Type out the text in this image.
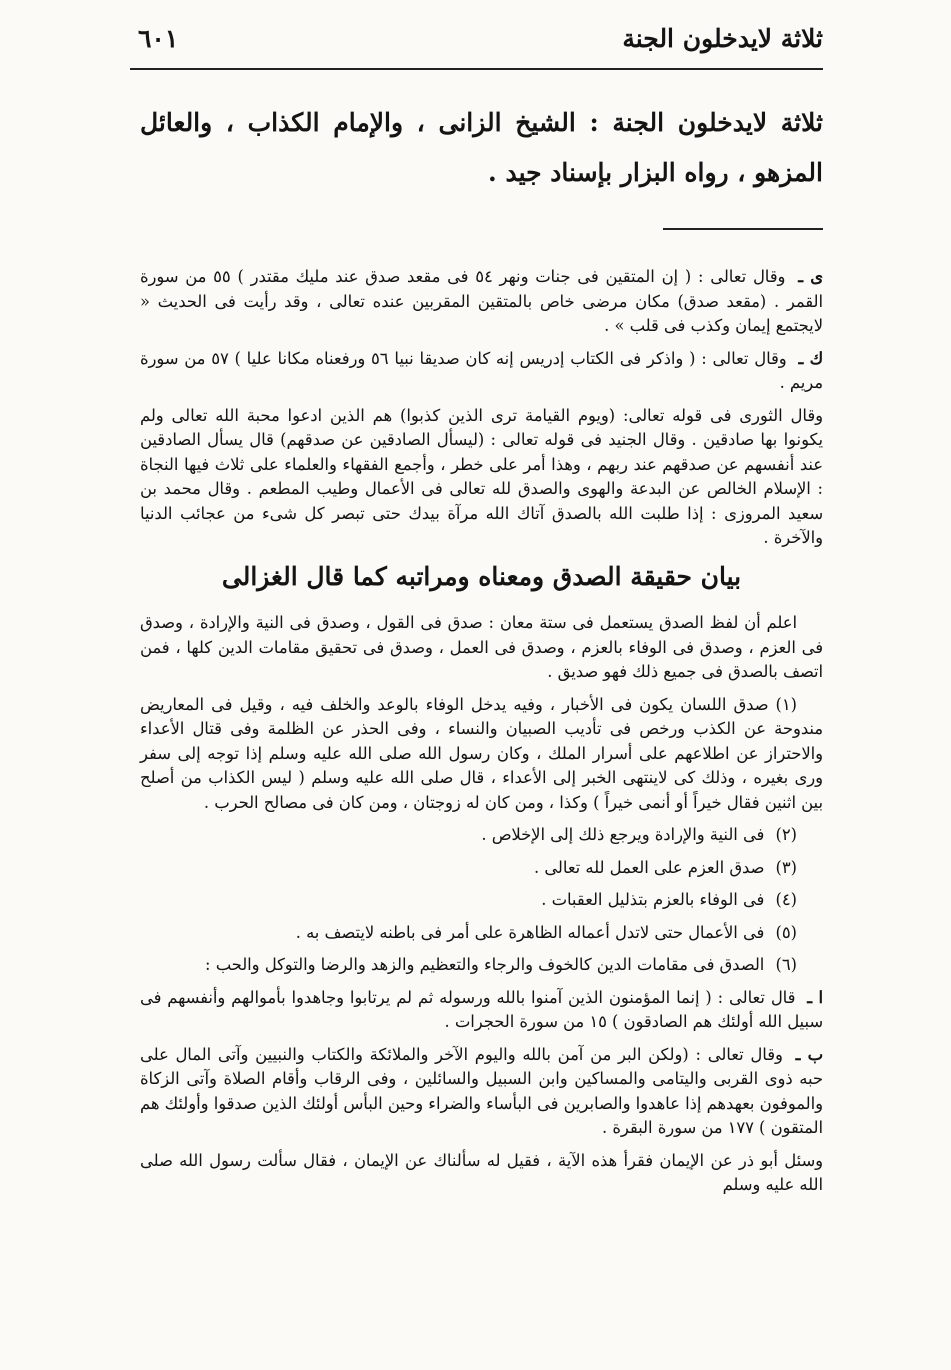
ثلاثة لايدخلون الجنة
٦٠١
ثلاثة لايدخلون الجنة : الشيخ الزانى ، والإمام الكذاب ، والعائل المزهو ، رواه البزار بإسناد جيد .

ى ـ وقال تعالى : ( إن المتقين فى جنات ونهر ٥٤ فى مقعد صدق عند مليك مقتدر ) ٥٥ من سورة القمر . (مقعد صدق) مكان مرضى خاص بالمتقين المقربين عنده تعالى ، وقد رأيت فى الحديث « لايجتمع إيمان وكذب فى قلب » .

ك ـ وقال تعالى : ( واذكر فى الكتاب إدريس إنه كان صديقا نبيا ٥٦ ورفعناه مكانا عليا ) ٥٧ من سورة مريم .

وقال الثورى فى قوله تعالى: (ويوم القيامة ترى الذين كذبوا) هم الذين ادعوا محبة الله تعالى ولم يكونوا بها صادقين . وقال الجنيد فى قوله تعالى : (ليسأل الصادقين عن صدقهم) قال يسأل الصادقين عند أنفسهم عن صدقهم عند ربهم ، وهذا أمر على خطر ، وأجمع الفقهاء والعلماء على ثلاث فيها النجاة : الإسلام الخالص عن البدعة والهوى والصدق لله تعالى فى الأعمال وطيب المطعم . وقال محمد بن سعيد المروزى : إذا طلبت الله بالصدق آتاك الله مرآة بيدك حتى تبصر كل شىء من عجائب الدنيا والآخرة .

بيان حقيقة الصدق ومعناه ومراتبه كما قال الغزالى

اعلم أن لفظ الصدق يستعمل فى ستة معان : صدق فى القول ، وصدق فى النية والإرادة ، وصدق فى العزم ، وصدق فى الوفاء بالعزم ، وصدق فى العمل ، وصدق فى تحقيق مقامات الدين كلها ، فمن اتصف بالصدق فى جميع ذلك فهو صديق .

(١) صدق اللسان يكون فى الأخبار ، وفيه يدخل الوفاء بالوعد والخلف فيه ، وقيل فى المعاريض مندوحة عن الكذب ورخص فى تأديب الصبيان والنساء ، وفى الحذر عن الظلمة وفى قتال الأعداء والاحتراز عن اطلاعهم على أسرار الملك ، وكان رسول الله صلى الله عليه وسلم إذا توجه إلى سفر ورى بغيره ، وذلك كى لاينتهى الخبر إلى الأعداء ، قال صلى الله عليه وسلم ( ليس الكذاب من أصلح بين اثنين فقال خيراً أو أنمى خيراً ) وكذا ، ومن كان له زوجتان ، ومن كان فى مصالح الحرب .

(٢) فى النية والإرادة ويرجع ذلك إلى الإخلاص .

(٣) صدق العزم على العمل لله تعالى .

(٤) فى الوفاء بالعزم بتذليل العقبات .

(٥) فى الأعمال حتى لاتدل أعماله الظاهرة على أمر فى باطنه لايتصف به .

(٦) الصدق فى مقامات الدين كالخوف والرجاء والتعظيم والزهد والرضا والتوكل والحب :

ا ـ قال تعالى : ( إنما المؤمنون الذين آمنوا بالله ورسوله ثم لم يرتابوا وجاهدوا بأموالهم وأنفسهم فى سبيل الله أولئك هم الصادقون ) ١٥ من سورة الحجرات .

ب ـ وقال تعالى : (ولكن البر من آمن بالله واليوم الآخر والملائكة والكتاب والنبيين وآتى المال على حبه ذوى القربى واليتامى والمساكين وابن السبيل والسائلين ، وفى الرقاب وأقام الصلاة وآتى الزكاة والموفون بعهدهم إذا عاهدوا والصابرين فى البأساء والضراء وحين البأس أولئك الذين صدقوا وأولئك هم المتقون ) ١٧٧ من سورة البقرة .

وسئل أبو ذر عن الإيمان فقرأ هذه الآية ، فقيل له سألناك عن الإيمان ، فقال سألت رسول الله صلى الله عليه وسلم
